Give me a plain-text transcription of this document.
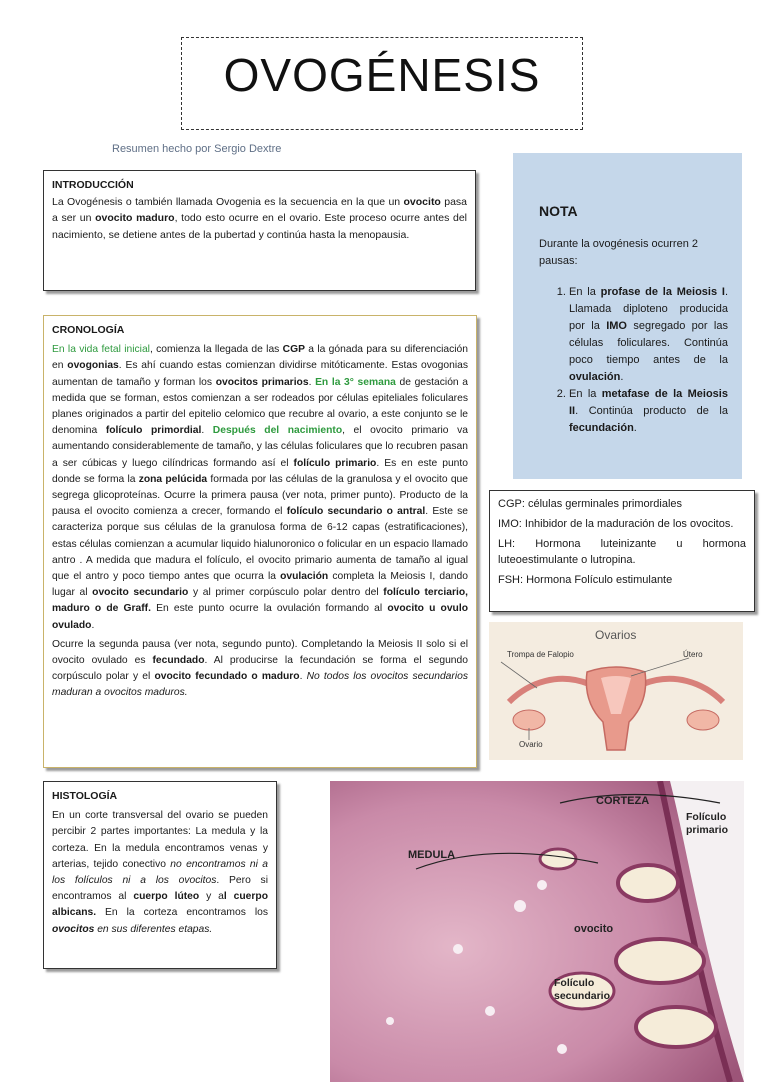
OVOGÉNESIS
Resumen hecho por Sergio Dextre
INTRODUCCIÓN

La Ovogénesis o también llamada Ovogenia es la secuencia en la que un ovocito pasa a ser un ovocito maduro, todo esto ocurre en el ovario. Este proceso ocurre antes del nacimiento, se detiene antes de la pubertad y continúa hasta la menopausia.

CRONOLOGÍA

En la vida fetal inicial, comienza la llegada de las CGP a la gónada para su diferenciación en ovogonias. Es ahí cuando estas comienzan dividirse mitóticamente. Estas ovogonias aumentan de tamaño y forman los ovocitos primarios. En la 3° semana de gestación a medida que se forman, estos comienzan a ser rodeados por células epiteliales foliculares planes originados a partir del epitelio celomico que recubre al ovario, a este conjunto se le denomina folículo primordial. Después del nacimiento, el ovocito primario va aumentando considerablemente de tamaño, y las células foliculares que lo recubren pasan a ser cúbicas y luego cilíndricas formando así el folículo primario. Es en este punto donde se forma la zona pelúcida formada por las células de la granulosa y el ovocito que segrega glicoproteínas. Ocurre la primera pausa (ver nota, primer punto). Producto de la pausa el ovocito comienza a crecer, formando el folículo secundario o antral. Este se caracteriza porque sus células de la granulosa forma de 6-12 capas (estratificaciones), estas células comienzan a acumular liquido hialunoronico o folicular en un espacio llamado antro . A medida que madura el folículo, el ovocito primario aumenta de tamaño al igual que el antro y poco tiempo antes que ocurra la ovulación completa la Meiosis I, dando lugar al ovocito secundario y al primer corpúsculo polar dentro del folículo terciario, maduro o de Graff. En este punto ocurre la ovulación formando al ovocito u ovulo ovulado.

Ocurre la segunda pausa (ver nota, segundo punto). Completando la Meiosis II solo si el ovocito ovulado es fecundado. Al producirse la fecundación se forma el segundo corpúsculo polar y el ovocito fecundado o maduro. No todos los ovocitos secundarios maduran a ovocitos maduros.

NOTA
Durante la ovogénesis ocurren 2 pausas:
1. En la profase de la Meiosis I. Llamada diploteno producida por la IMO segregado por las células foliculares. Continúa poco tiempo antes de la ovulación.
2. En la metafase de la Meiosis II. Continúa producto de la fecundación.

CGP: células germinales primordiales

IMO: Inhibidor de la maduración de los ovocitos.

LH: Hormona luteinizante u hormona luteoestimulante o lutropina.

FSH: Hormona Folículo estimulante

Ovarios
Trompa de Falopio	Útero
Ovario
HISTOLOGÍA

En un corte transversal del ovario se pueden percibir 2 partes importantes: La medula y la corteza. En la medula encontramos venas y arterias, tejido conectivo no encontramos ni a los folículos ni a los ovocitos. Pero si encontramos al cuerpo lúteo y al cuerpo albicans. En la corteza encontramos los ovocitos en sus diferentes etapas.

CORTEZA
MEDULA
Folículo primario
ovocito
Folículo secundario
